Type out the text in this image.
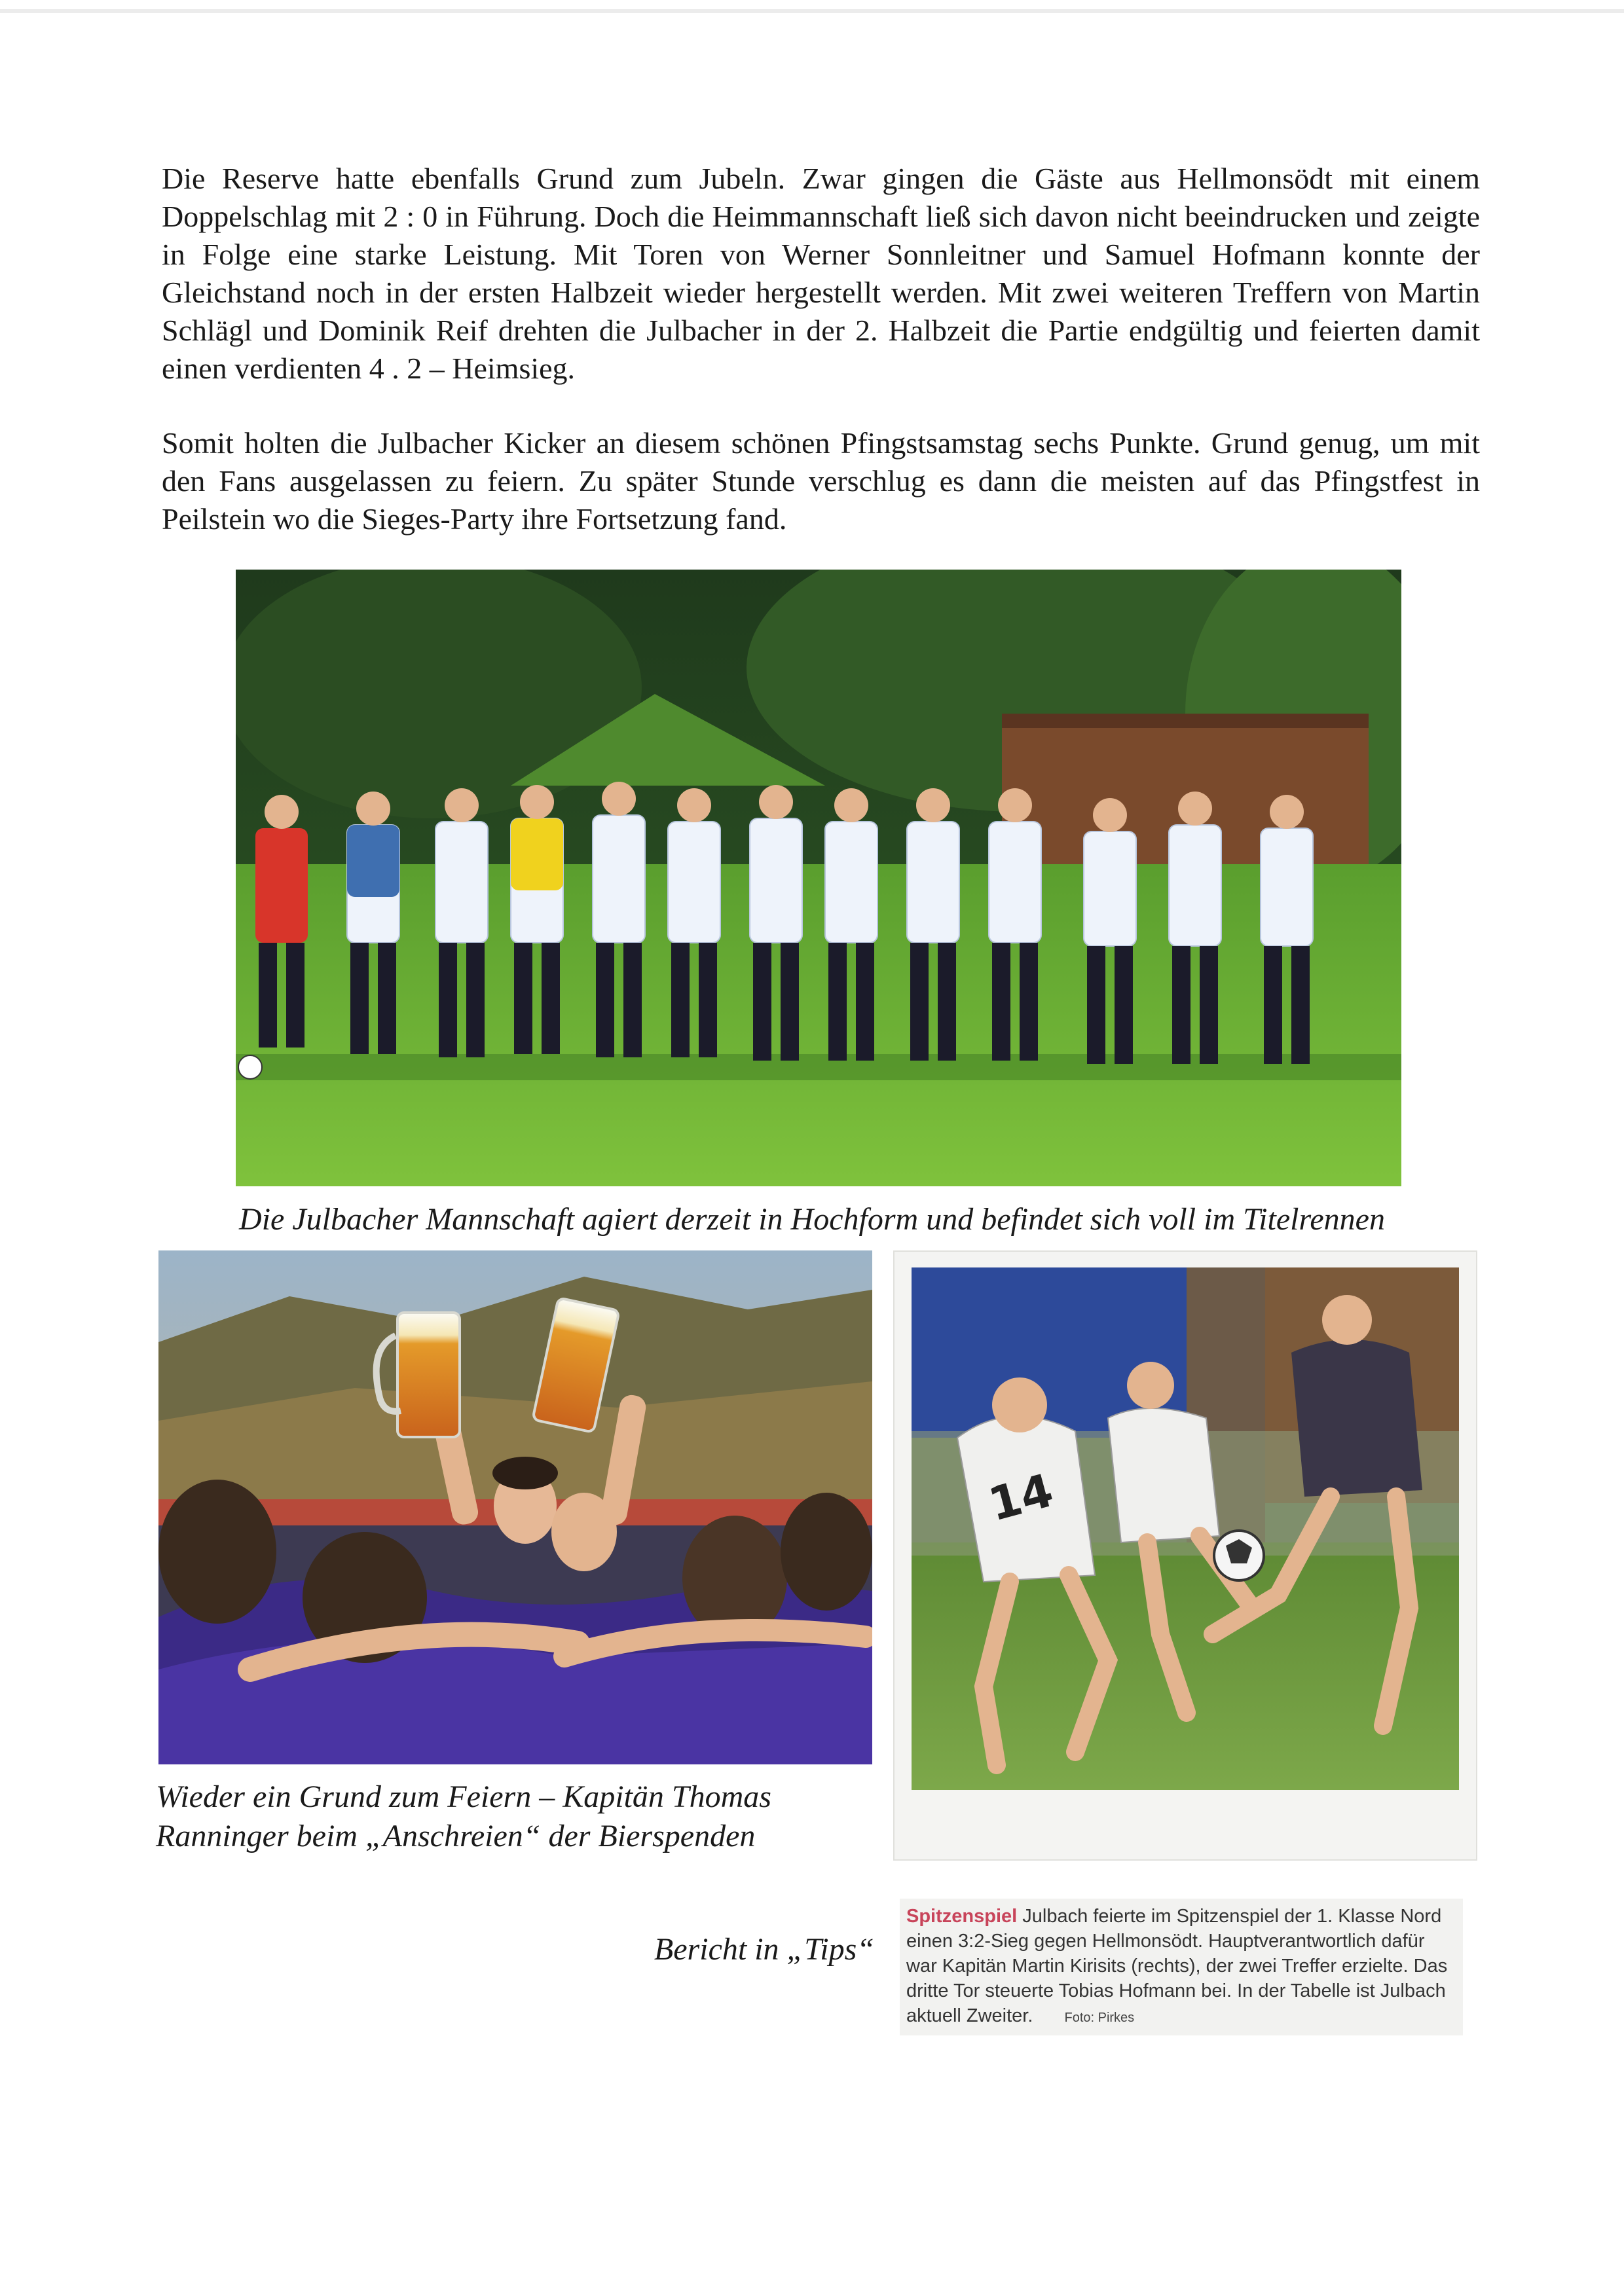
Die Reserve hatte ebenfalls Grund zum Jubeln. Zwar gingen die Gäste aus Hellmonsödt mit einem Doppelschlag mit 2 : 0 in Führung. Doch die Heimmannschaft ließ sich davon nicht beeindrucken und zeigte in Folge eine starke Leistung. Mit Toren von Werner Sonnleitner und Samuel Hofmann konnte der Gleichstand noch in der ersten Halbzeit wieder hergestellt werden. Mit zwei weiteren Treffern von Martin Schlägl und Dominik Reif drehten die Julbacher in der 2. Halbzeit die Partie endgültig und feierten damit einen verdienten 4 . 2 – Heimsieg.

Somit holten die Julbacher Kicker an diesem schönen Pfingstsamstag sechs Punkte. Grund genug, um mit den Fans ausgelassen zu feiern. Zu später Stunde verschlug es dann die meisten auf das Pfingstfest in Peilstein wo die Sieges-Party ihre Fortsetzung fand.

Die Julbacher Mannschaft agiert derzeit in Hochform und befindet sich voll im Titelrennen

Wieder ein Grund zum Feiern – Kapitän Thomas Ranninger beim „Anschreien“ der Bierspenden

Bericht in „Tips“

14

Spitzenspiel Julbach feierte im Spitzenspiel der 1. Klasse Nord einen 3:2-Sieg gegen Hellmonsödt. Hauptverantwortlich dafür war Kapitän Martin Kirisits (rechts), der zwei Treffer erzielte. Das dritte Tor steuerte Tobias Hofmann bei. In der Tabelle ist Julbach aktuell Zweiter. Foto: Pirkes
